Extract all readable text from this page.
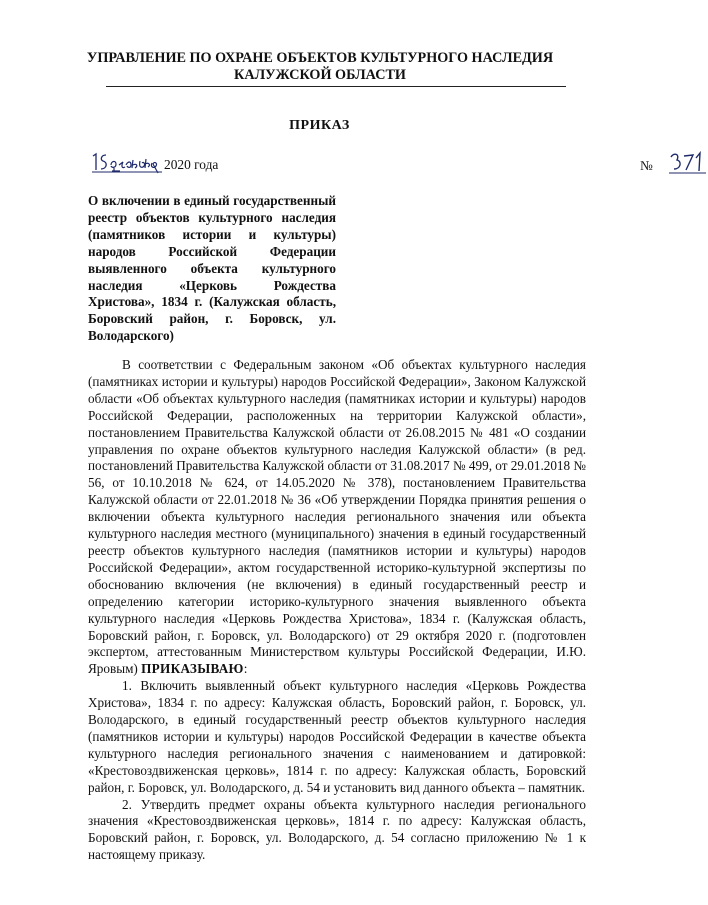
УПРАВЛЕНИЕ ПО ОХРАНЕ ОБЪЕКТОВ КУЛЬТУРНОГО НАСЛЕДИЯ
КАЛУЖСКОЙ ОБЛАСТИ
ПРИКАЗ
2020 года	№
О включении в единый государственный реестр объектов культурного наследия (памятников истории и культуры) народов Российской Федерации выявленного объекта культурного наследия «Церковь Рождества Христова», 1834 г. (Калужская область, Боровский район, г. Боровск, ул. Володарского)

В соответствии с Федеральным законом «Об объектах культурного наследия (памятниках истории и культуры) народов Российской Федерации», Законом Калужской области «Об объектах культурного наследия (памятниках истории и культуры) народов Российской Федерации, расположенных на территории Калужской области», постановлением Правительства Калужской области от 26.08.2015 № 481 «О создании управления по охране объектов культурного наследия Калужской области» (в ред. постановлений Правительства Калужской области от 31.08.2017 № 499, от 29.01.2018 № 56, от 10.10.2018 № 624, от 14.05.2020 № 378), постановлением Правительства Калужской области от 22.01.2018 № 36 «Об утверждении Порядка принятия решения о включении объекта культурного наследия регионального значения или объекта культурного наследия местного (муниципального) значения в единый государственный реестр объектов культурного наследия (памятников истории и культуры) народов Российской Федерации», актом государственной историко-культурной экспертизы по обоснованию включения (не включения) в единый государственный реестр и определению категории историко-культурного значения выявленного объекта культурного наследия «Церковь Рождества Христова», 1834 г. (Калужская область, Боровский район, г. Боровск, ул. Володарского) от 29 октября 2020 г. (подготовлен экспертом, аттестованным Министерством культуры Российской Федерации, И.Ю. Яровым) ПРИКАЗЫВАЮ:

1. Включить выявленный объект культурного наследия «Церковь Рождества Христова», 1834 г. по адресу: Калужская область, Боровский район, г. Боровск, ул. Володарского, в единый государственный реестр объектов культурного наследия (памятников истории и культуры) народов Российской Федерации в качестве объекта культурного наследия регионального значения с наименованием и датировкой: «Крестовоздвиженская церковь», 1814 г. по адресу: Калужская область, Боровский район, г. Боровск, ул. Володарского, д. 54 и установить вид данного объекта – памятник.

2. Утвердить предмет охраны объекта культурного наследия регионального значения «Крестовоздвиженская церковь», 1814 г. по адресу: Калужская область, Боровский район, г. Боровск, ул. Володарского, д. 54 согласно приложению № 1 к настоящему приказу.
